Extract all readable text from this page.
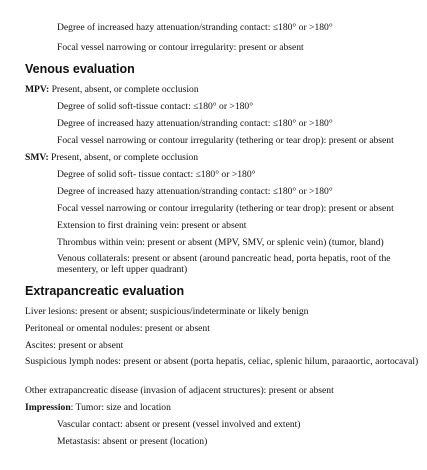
Degree of increased hazy attenuation/stranding contact: ≤180° or >180°
Focal vessel narrowing or contour irregularity: present or absent
Venous evaluation
MPV: Present, absent, or complete occlusion
Degree of solid soft-tissue contact: ≤180° or >180°
Degree of increased hazy attenuation/stranding contact: ≤180° or >180°
Focal vessel narrowing or contour irregularity (tethering or tear drop): present or absent
SMV: Present, absent, or complete occlusion
Degree of solid soft- tissue contact: ≤180° or >180°
Degree of increased hazy attenuation/stranding contact: ≤180° or >180°
Focal vessel narrowing or contour irregularity (tethering or tear drop): present or absent
Extension to first draining vein: present or absent
Thrombus within vein: present or absent (MPV, SMV, or splenic vein) (tumor, bland)
Venous collaterals: present or absent (around pancreatic head, porta hepatis, root of the mesentery, or left upper quadrant)
Extrapancreatic evaluation
Liver lesions: present or absent; suspicious/indeterminate or likely benign
Peritoneal or omental nodules: present or absent
Ascites: present or absent
Suspicious lymph nodes: present or absent (porta hepatis, celiac, splenic hilum, paraaortic, aortocaval)
Other extrapancreatic disease (invasion of adjacent structures): present or absent
Impression: Tumor: size and location
Vascular contact: absent or present (vessel involved and extent)
Metastasis: absent or present (location)
